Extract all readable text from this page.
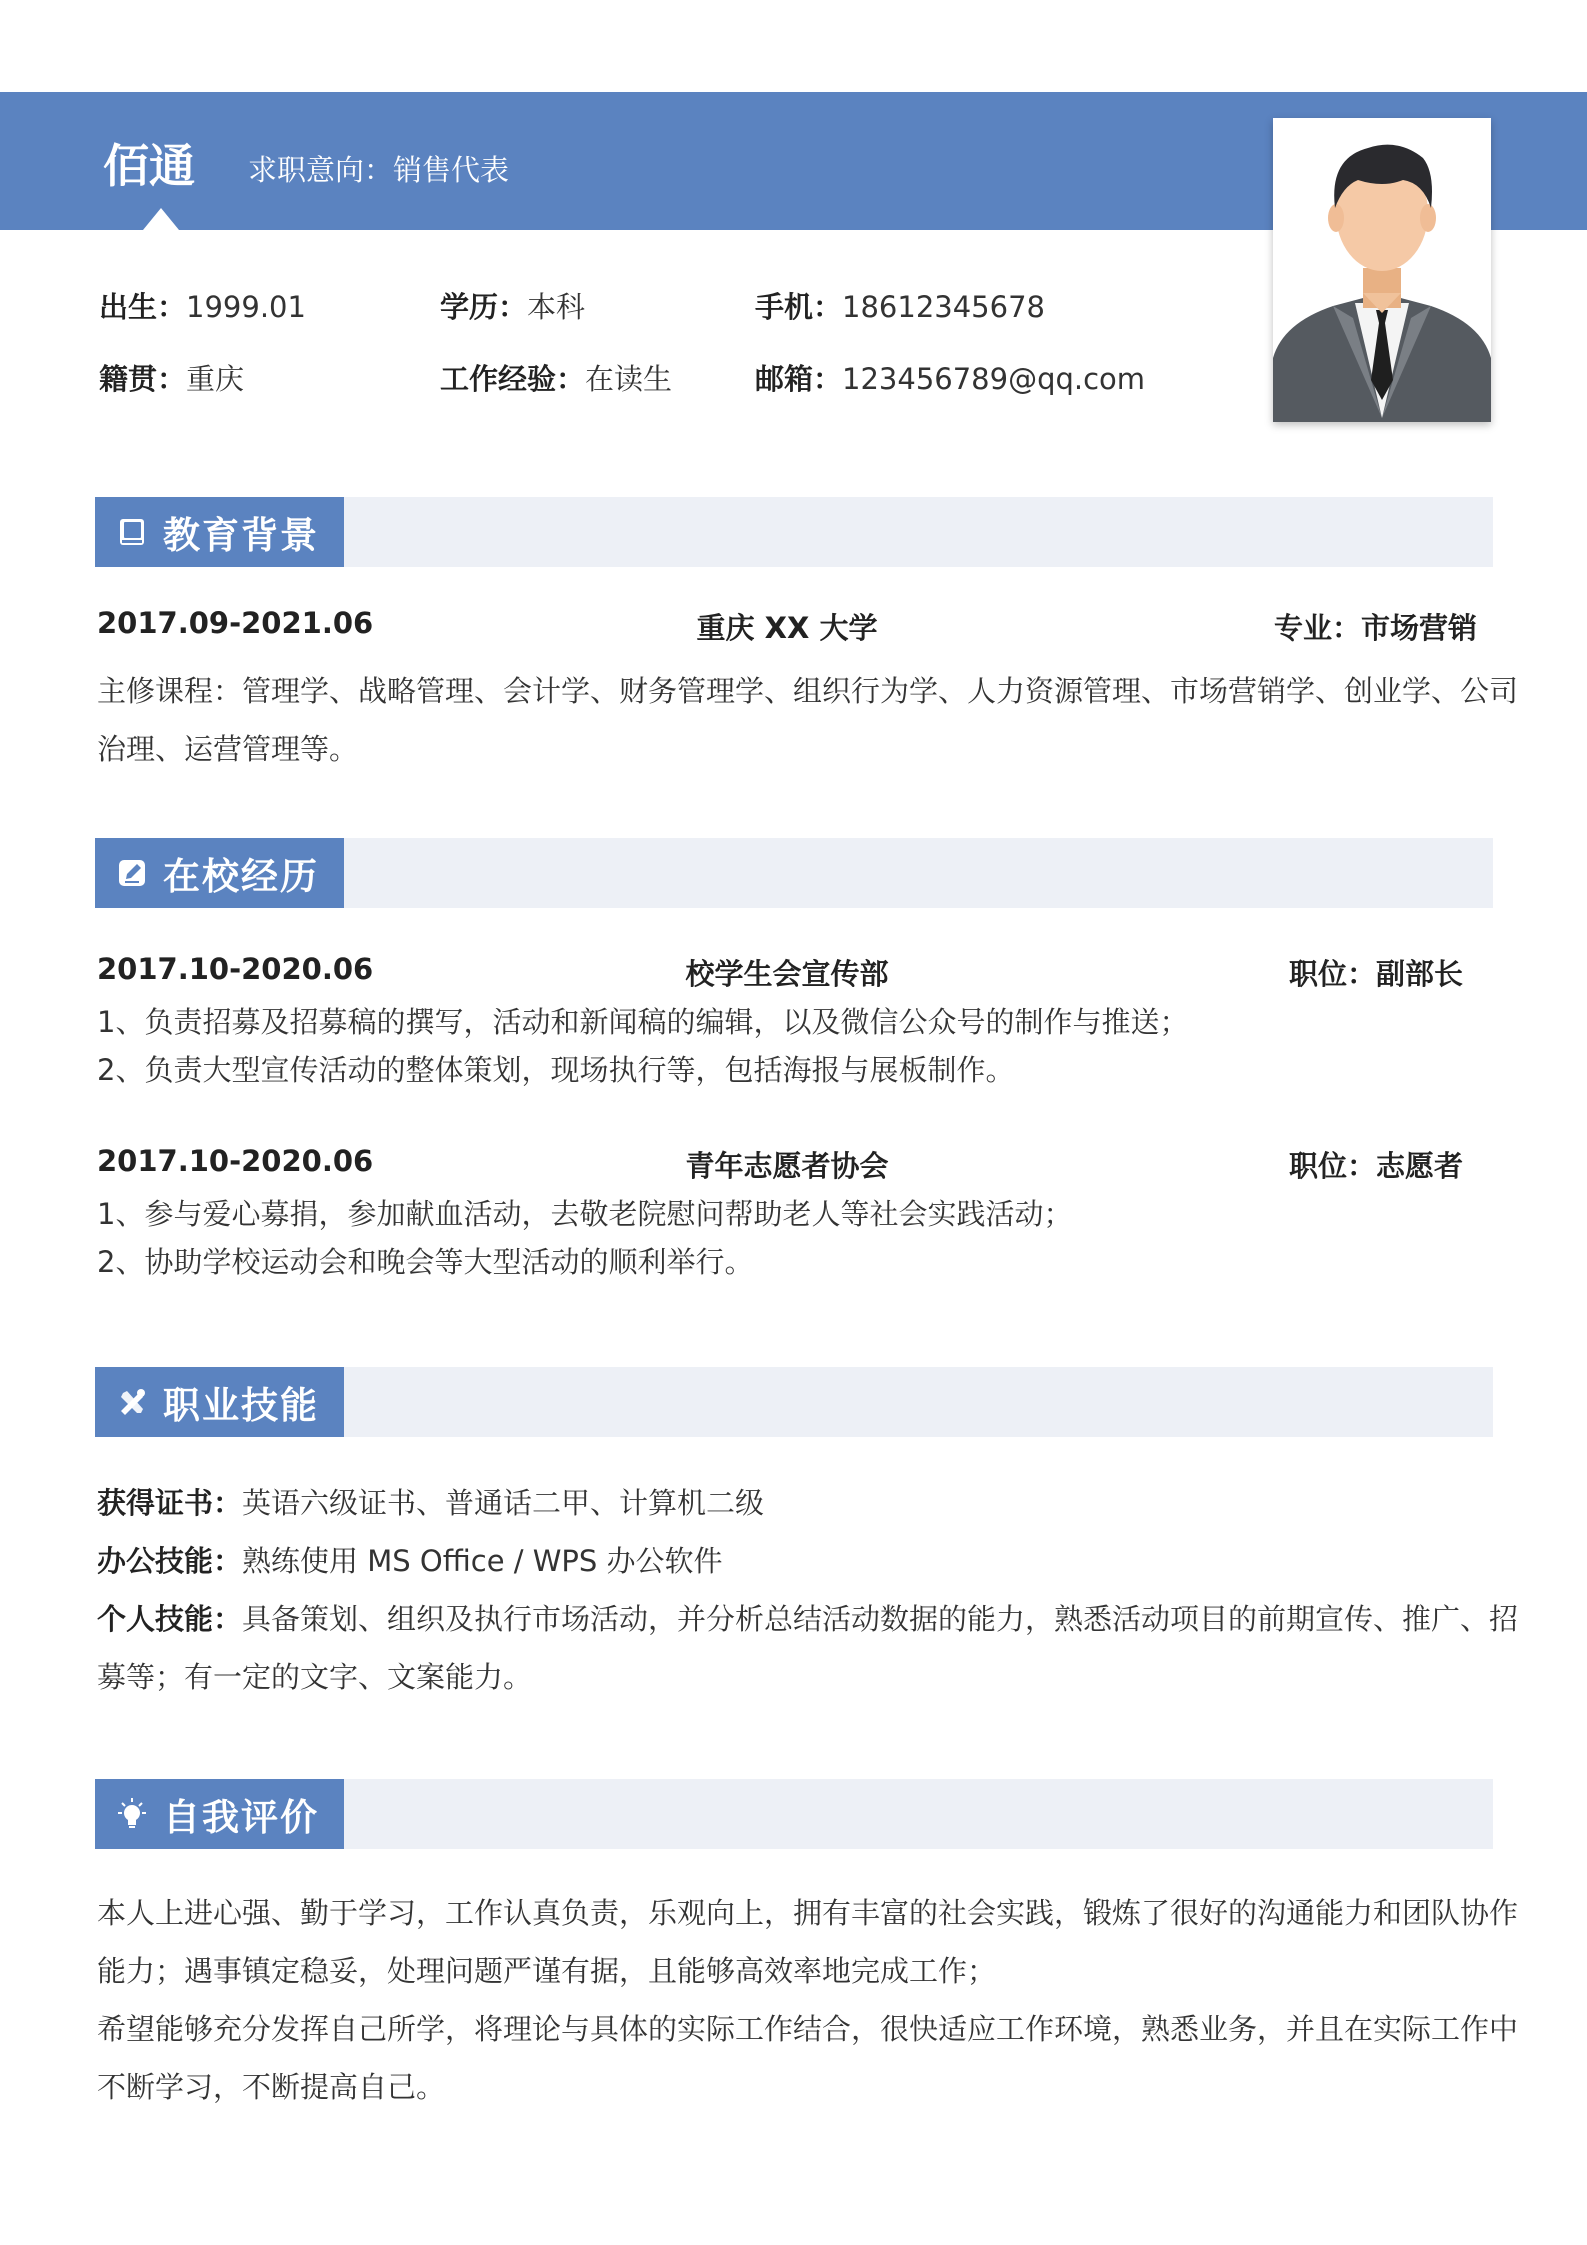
佰通 求职意向：销售代表
出生：1999.01	学历：本科	手机：18612345678
籍贯：重庆	工作经验：在读生	邮箱：123456789@qq.com
教育背景
2017.09-2021.06	重庆 XX 大学	专业：市场营销
主修课程：管理学、战略管理、会计学、财务管理学、组织行为学、人力资源管理、市场营销学、创业学、公司
治理、运营管理等。
在校经历
2017.10-2020.06	校学生会宣传部	职位：副部长
1、负责招募及招募稿的撰写，活动和新闻稿的编辑，以及微信公众号的制作与推送；
2、负责大型宣传活动的整体策划，现场执行等，包括海报与展板制作。
2017.10-2020.06	青年志愿者协会	职位：志愿者
1、参与爱心募捐，参加献血活动，去敬老院慰问帮助老人等社会实践活动；
2、协助学校运动会和晚会等大型活动的顺利举行。
职业技能
获得证书：英语六级证书、普通话二甲、计算机二级
办公技能：熟练使用 MS Office / WPS 办公软件
个人技能：具备策划、组织及执行市场活动，并分析总结活动数据的能力，熟悉活动项目的前期宣传、推广、招
募等；有一定的文字、文案能力。
自我评价
本人上进心强、勤于学习，工作认真负责，乐观向上，拥有丰富的社会实践，锻炼了很好的沟通能力和团队协作
能力；遇事镇定稳妥，处理问题严谨有据，且能够高效率地完成工作；
希望能够充分发挥自己所学，将理论与具体的实际工作结合，很快适应工作环境，熟悉业务，并且在实际工作中
不断学习，不断提高自己。
